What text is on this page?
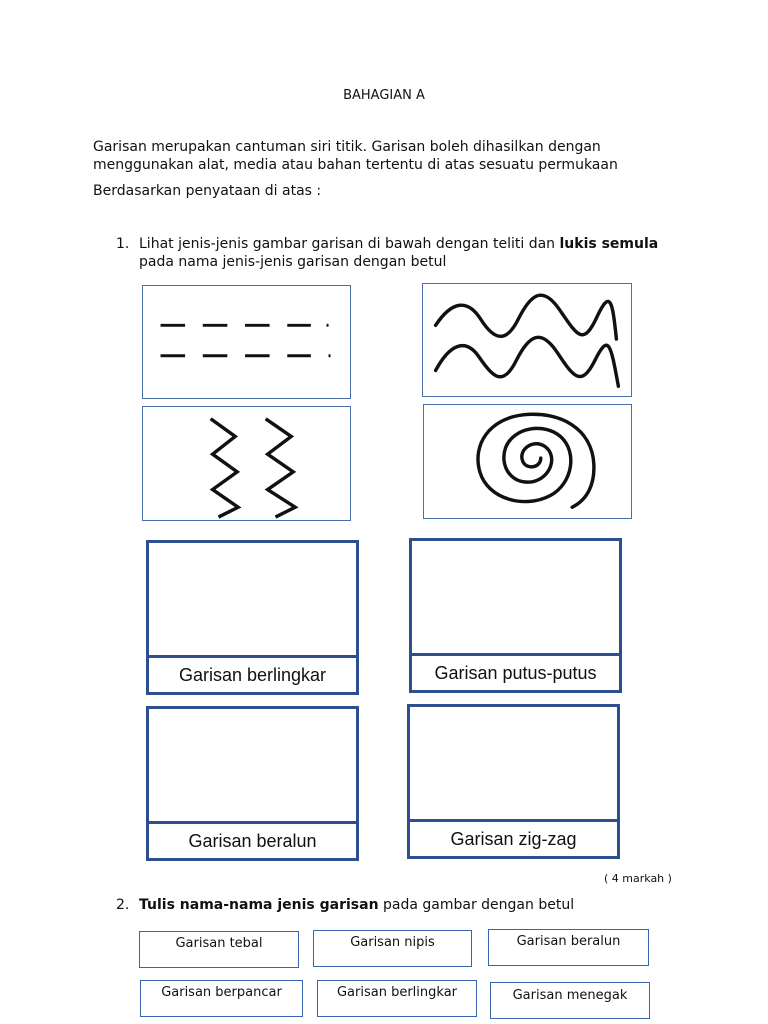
BAHAGIAN A
Garisan merupakan cantuman siri titik. Garisan boleh dihasilkan dengan menggunakan alat, media atau bahan tertentu di atas sesuatu permukaan
Berdasarkan penyataan di atas :
1. Lihat jenis-jenis gambar garisan di bawah dengan teliti dan lukis semula pada nama jenis-jenis garisan dengan betul
Garisan berlingkar	Garisan putus-putus
Garisan beralun	Garisan zig-zag
( 4 markah )
2. Tulis nama-nama jenis garisan pada gambar dengan betul
Garisan tebal	Garisan nipis	Garisan beralun
Garisan berpancar	Garisan berlingkar	Garisan menegak
